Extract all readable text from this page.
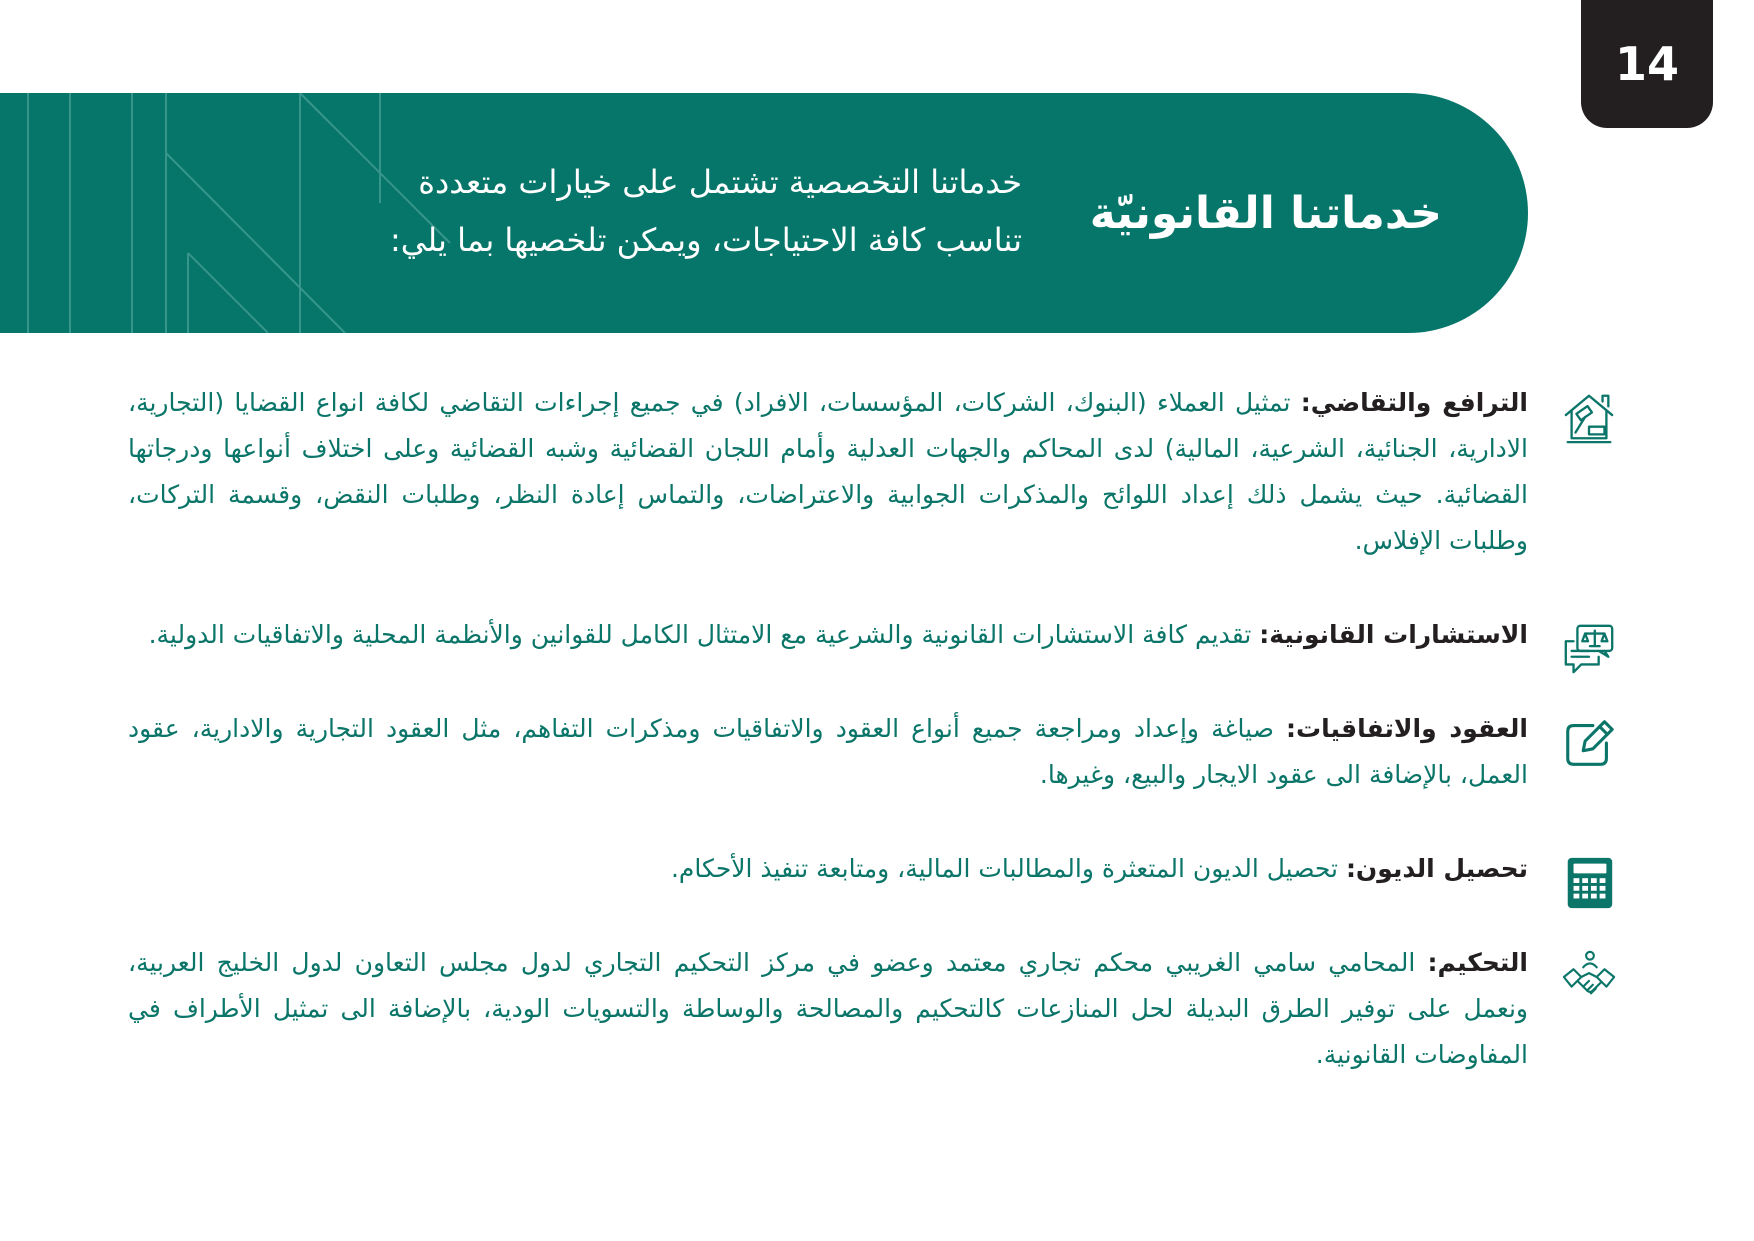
14
خدماتنا القانونيّة
خدماتنا التخصصية تشتمل على خيارات متعددة
تناسب كافة الاحتياجات، ويمكن تلخصيها بما يلي:
الترافع والتقاضي: تمثيل العملاء (البنوك، الشركات، المؤسسات، الافراد) في جميع إجراءات التقاضي لكافة انواع القضايا (التجارية، الادارية، الجنائية، الشرعية، المالية) لدى المحاكم والجهات العدلية وأمام اللجان القضائية وشبه القضائية وعلى اختلاف أنواعها ودرجاتها القضائية. حيث يشمل ذلك إعداد اللوائح والمذكرات الجوابية والاعتراضات، والتماس إعادة النظر، وطلبات النقض، وقسمة التركات، وطلبات الإفلاس.
الاستشارات القانونية: تقديم كافة الاستشارات القانونية والشرعية مع الامتثال الكامل للقوانين والأنظمة المحلية والاتفاقيات الدولية.
العقود والاتفاقيات: صياغة وإعداد ومراجعة جميع أنواع العقود والاتفاقيات ومذكرات التفاهم، مثل العقود التجارية والادارية، عقود العمل، بالإضافة الى عقود الايجار والبيع، وغيرها.
تحصيل الديون: تحصيل الديون المتعثرة والمطالبات المالية، ومتابعة تنفيذ الأحكام.
التحكيم: المحامي سامي الغريبي محكم تجاري معتمد وعضو في مركز التحكيم التجاري لدول مجلس التعاون لدول الخليج العربية، ونعمل على توفير الطرق البديلة لحل المنازعات كالتحكيم والمصالحة والوساطة والتسويات الودية، بالإضافة الى تمثيل الأطراف في المفاوضات القانونية.
